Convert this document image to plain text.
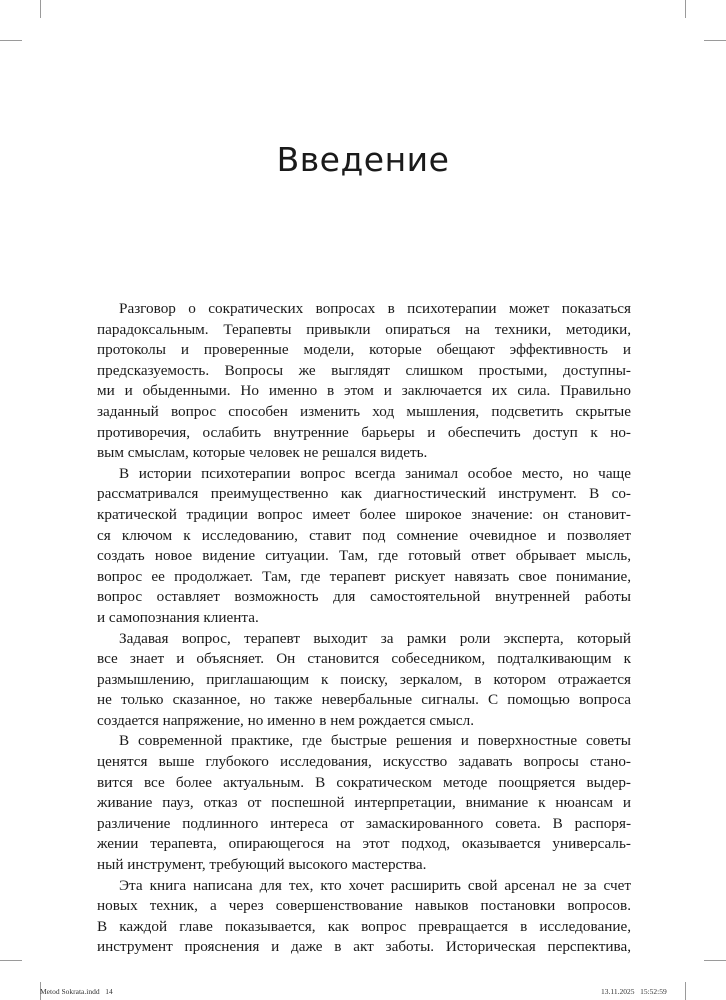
Введение

Разговор о сократических вопросах в психотерапии может показаться
парадоксальным. Терапевты привыкли опираться на техники, методики,
протоколы и проверенные модели, которые обещают эффективность и
предсказуемость. Вопросы же выглядят слишком простыми, доступны-
ми и обыденными. Но именно в этом и заключается их сила. Правильно
заданный вопрос способен изменить ход мышления, подсветить скрытые
противоречия, ослабить внутренние барьеры и обеспечить доступ к но-
вым смыслам, которые человек не решался видеть.

В истории психотерапии вопрос всегда занимал особое место, но чаще
рассматривался преимущественно как диагностический инструмент. В со-
кратической традиции вопрос имеет более широкое значение: он становит-
ся ключом к исследованию, ставит под сомнение очевидное и позволяет
создать новое видение ситуации. Там, где готовый ответ обрывает мысль,
вопрос ее продолжает. Там, где терапевт рискует навязать свое понимание,
вопрос оставляет возможность для самостоятельной внутренней работы
и самопознания клиента.

Задавая вопрос, терапевт выходит за рамки роли эксперта, который
все знает и объясняет. Он становится собеседником, подталкивающим к
размышлению, приглашающим к поиску, зеркалом, в котором отражается
не только сказанное, но также невербальные сигналы. С помощью вопроса
создается напряжение, но именно в нем рождается смысл.

В современной практике, где быстрые решения и поверхностные советы
ценятся выше глубокого исследования, искусство задавать вопросы стано-
вится все более актуальным. В сократическом методе поощряется выдер-
живание пауз, отказ от поспешной интерпретации, внимание к нюансам и
различение подлинного интереса от замаскированного совета. В распоря-
жении терапевта, опирающегося на этот подход, оказывается универсаль-
ный инструмент, требующий высокого мастерства.

Эта книга написана для тех, кто хочет расширить свой арсенал не за счет
новых техник, а через совершенствование навыков постановки вопросов.
В каждой главе показывается, как вопрос превращается в исследование,
инструмент прояснения и даже в акт заботы. Историческая перспектива,

Metod Sokrata.indd   14	13.11.2025   15:52:59
